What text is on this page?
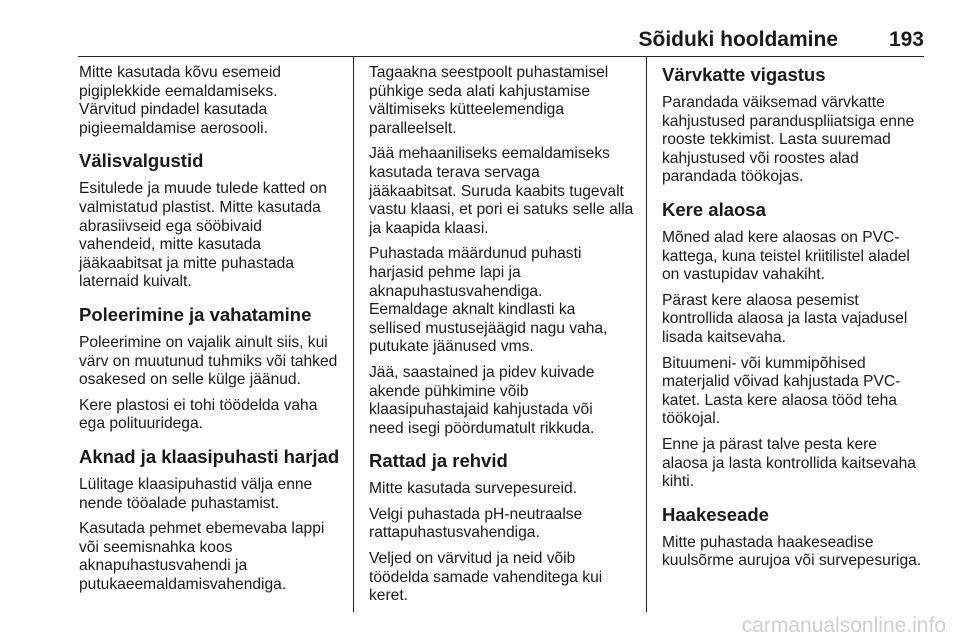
Sõiduki hooldamine 193

Mitte kasutada kõvu esemeid
pigiplekkide eemaldamiseks.
Värvitud pindadel kasutada
pigieemaldamise aerosooli.

Välisvalgustid

Esitulede ja muude tulede katted on
valmistatud plastist. Mitte kasutada
abrasiivseid ega sööbivaid
vahendeid, mitte kasutada
jääkaabitsat ja mitte puhastada
laternaid kuivalt.

Poleerimine ja vahatamine

Poleerimine on vajalik ainult siis, kui
värv on muutunud tuhmiks või tahked
osakesed on selle külge jäänud.

Kere plastosi ei tohi töödelda vaha
ega polituuridega.

Aknad ja klaasipuhasti harjad

Lülitage klaasipuhastid välja enne
nende tööalade puhastamist.

Kasutada pehmet ebemevaba lappi
või seemisnahka koos
aknapuhastusvahendi ja
putukaeemaldamisvahendiga.

Tagaakna seestpoolt puhastamisel
pühkige seda alati kahjustamise
vältimiseks kütteelemendiga
paralleelselt.

Jää mehaaniliseks eemaldamiseks
kasutada terava servaga
jääkaabitsat. Suruda kaabits tugevalt
vastu klaasi, et pori ei satuks selle alla
ja kaapida klaasi.

Puhastada määrdunud puhasti
harjasid pehme lapi ja
aknapuhastusvahendiga.
Eemaldage aknalt kindlasti ka
sellised mustusejäägid nagu vaha,
putukate jäänused vms.

Jää, saastained ja pidev kuivade
akende pühkimine võib
klaasipuhastajaid kahjustada või
need isegi pöördumatult rikkuda.

Rattad ja rehvid

Mitte kasutada survepesureid.

Velgi puhastada pH-neutraalse
rattapuhastusvahendiga.

Veljed on värvitud ja neid võib
töödelda samade vahenditega kui
keret.

Värvkatte vigastus

Parandada väiksemad värvkatte
kahjustused paranduspliiatsiga enne
rooste tekkimist. Lasta suuremad
kahjustused või roostes alad
parandada töökojas.

Kere alaosa

Mõned alad kere alaosas on PVC-
kattega, kuna teistel kriitilistel aladel
on vastupidav vahakiht.

Pärast kere alaosa pesemist
kontrollida alaosa ja lasta vajadusel
lisada kaitsevaha.

Bituumeni- või kummipõhised
materjalid võivad kahjustada PVC-
katet. Lasta kere alaosa tööd teha
töökojal.

Enne ja pärast talve pesta kere
alaosa ja lasta kontrollida kaitsevaha
kihti.

Haakeseade

Mitte puhastada haakeseadise
kuulsõrme aurujoa või survepesuriga.

carmanualsonline.info
